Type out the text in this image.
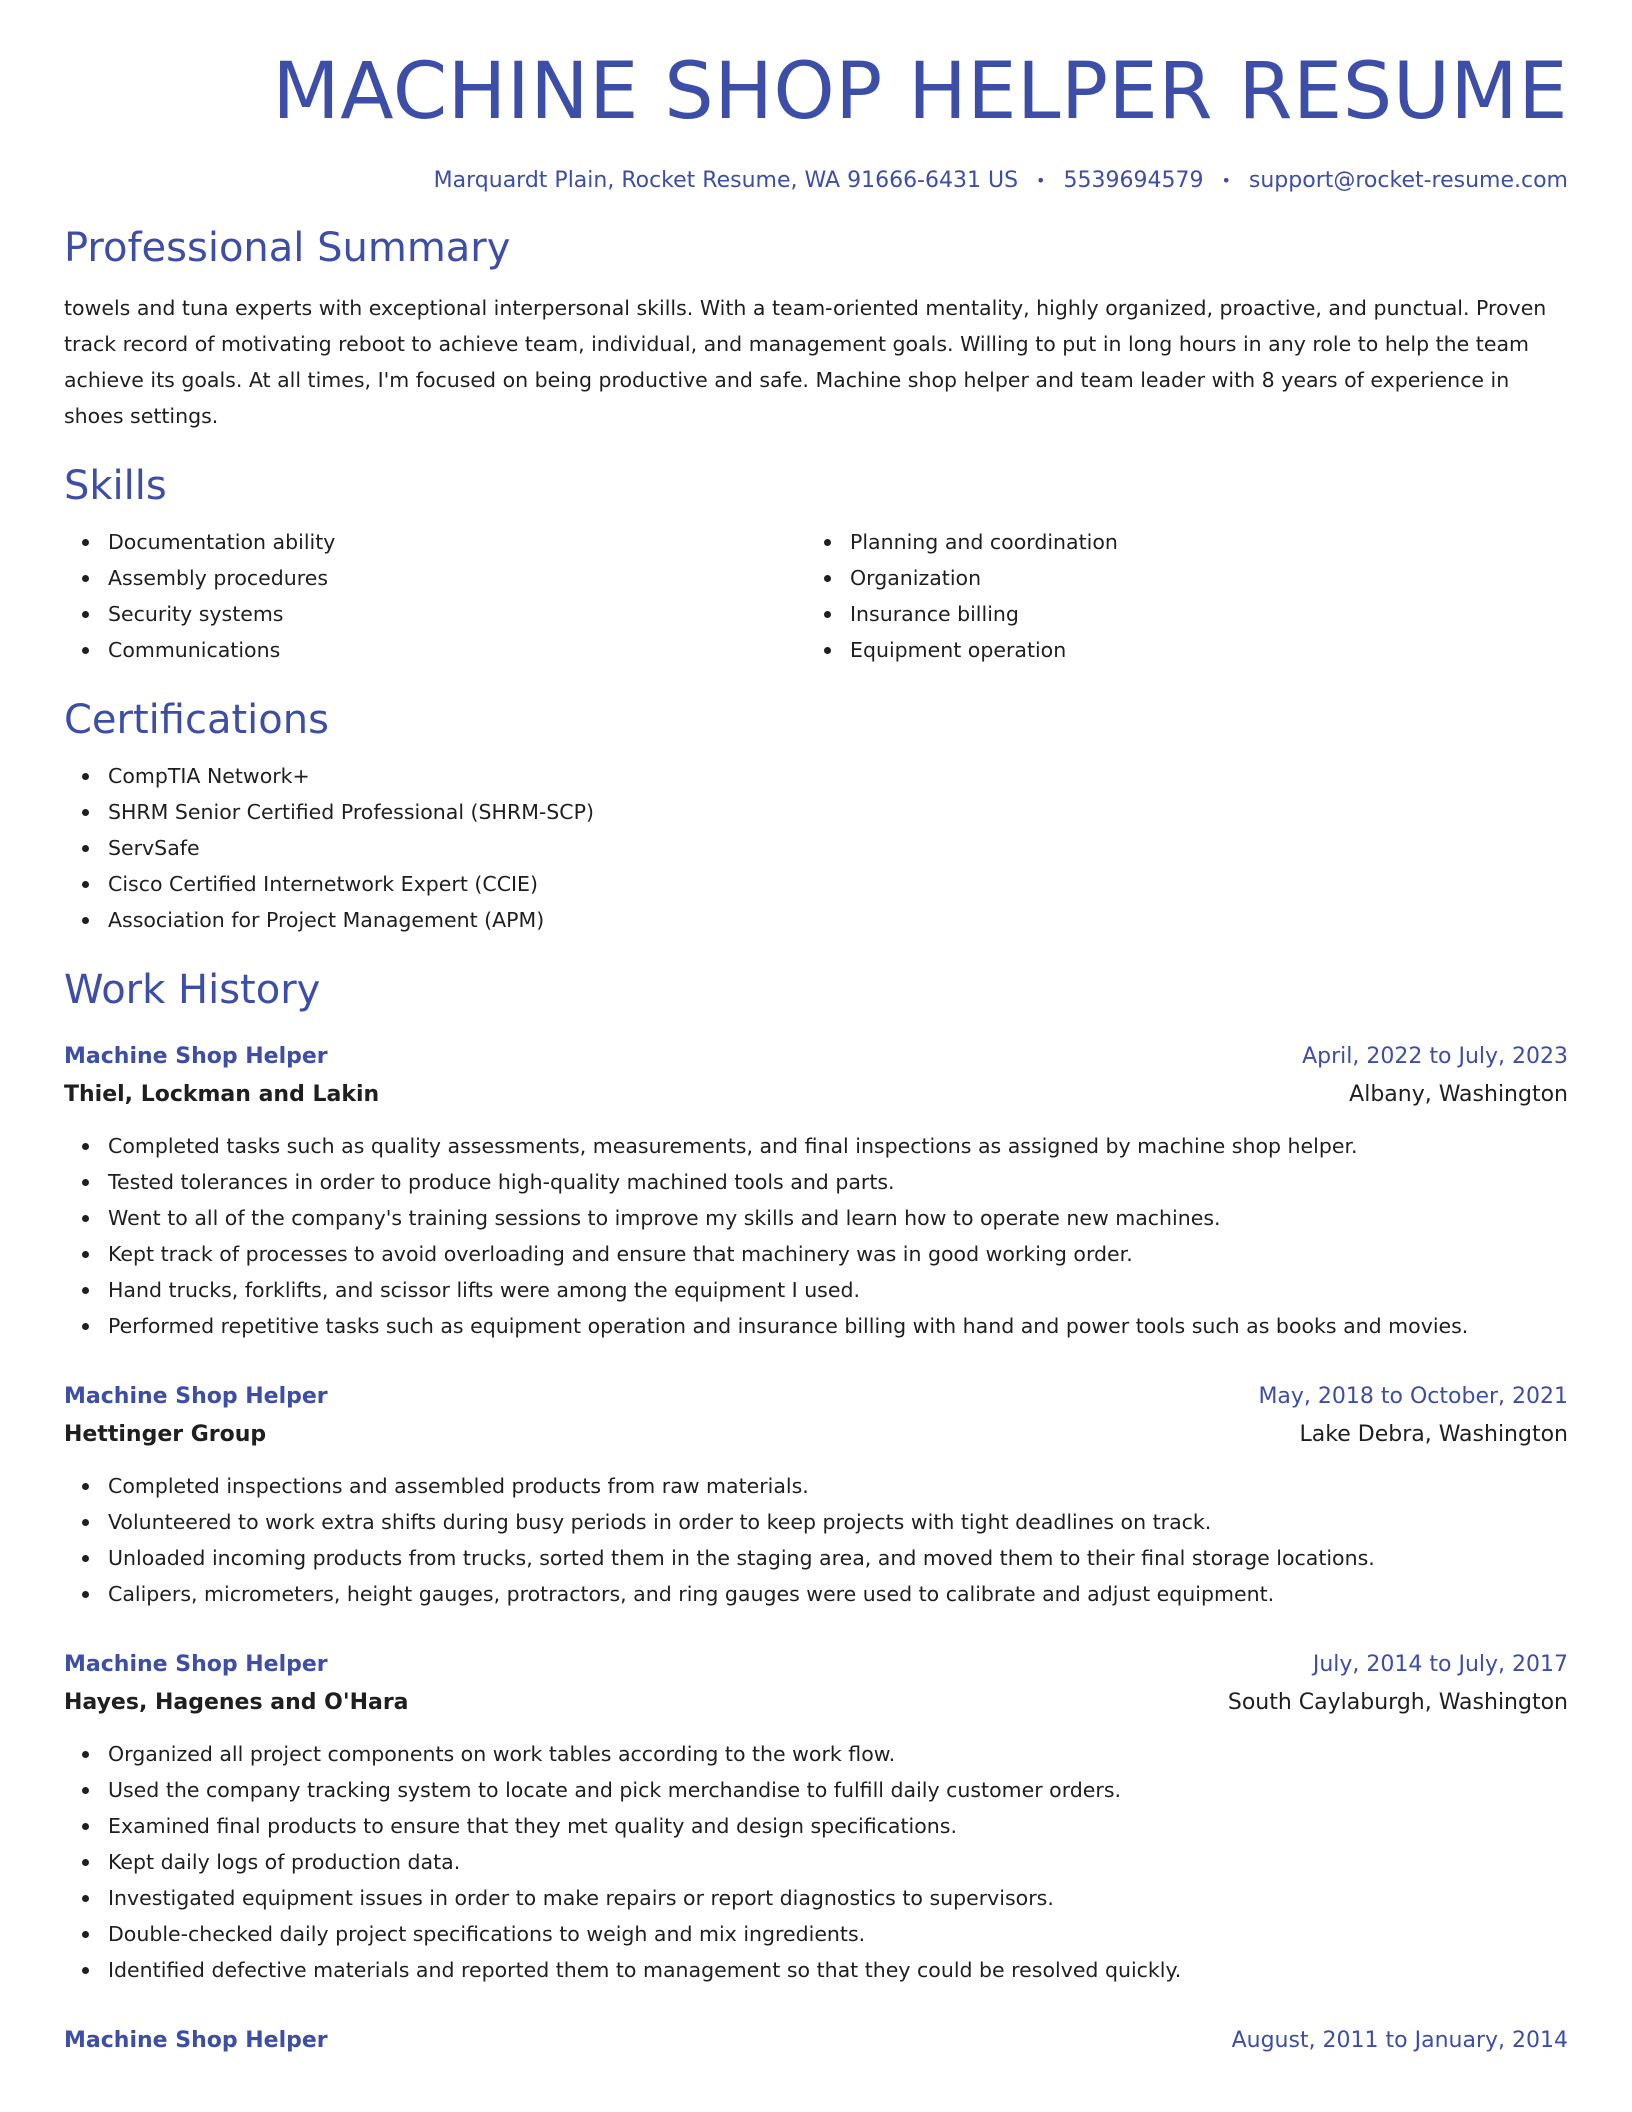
MACHINE SHOP HELPER RESUME
Marquardt Plain, Rocket Resume, WA 91666-6431 US • 5539694579 • support@rocket-resume.com
Professional Summary

towels and tuna experts with exceptional interpersonal skills. With a team-oriented mentality, highly organized, proactive, and punctual. Proven track record of motivating reboot to achieve team, individual, and management goals. Willing to put in long hours in any role to help the team achieve its goals. At all times, I'm focused on being productive and safe. Machine shop helper and team leader with 8 years of experience in shoes settings.

Skills
Documentation ability
Assembly procedures
Security systems
Communications
Planning and coordination
Organization
Insurance billing
Equipment operation
Certifications
CompTIA Network+
SHRM Senior Certified Professional (SHRM-SCP)
ServSafe
Cisco Certified Internetwork Expert (CCIE)
Association for Project Management (APM)
Work History
Machine Shop Helper	April, 2022 to July, 2023
Thiel, Lockman and Lakin	Albany, Washington
Completed tasks such as quality assessments, measurements, and final inspections as assigned by machine shop helper.
Tested tolerances in order to produce high-quality machined tools and parts.
Went to all of the company's training sessions to improve my skills and learn how to operate new machines.
Kept track of processes to avoid overloading and ensure that machinery was in good working order.
Hand trucks, forklifts, and scissor lifts were among the equipment I used.
Performed repetitive tasks such as equipment operation and insurance billing with hand and power tools such as books and movies.
Machine Shop Helper	May, 2018 to October, 2021
Hettinger Group	Lake Debra, Washington
Completed inspections and assembled products from raw materials.
Volunteered to work extra shifts during busy periods in order to keep projects with tight deadlines on track.
Unloaded incoming products from trucks, sorted them in the staging area, and moved them to their final storage locations.
Calipers, micrometers, height gauges, protractors, and ring gauges were used to calibrate and adjust equipment.
Machine Shop Helper	July, 2014 to July, 2017
Hayes, Hagenes and O'Hara	South Caylaburgh, Washington
Organized all project components on work tables according to the work flow.
Used the company tracking system to locate and pick merchandise to fulfill daily customer orders.
Examined final products to ensure that they met quality and design specifications.
Kept daily logs of production data.
Investigated equipment issues in order to make repairs or report diagnostics to supervisors.
Double-checked daily project specifications to weigh and mix ingredients.
Identified defective materials and reported them to management so that they could be resolved quickly.
Machine Shop Helper	August, 2011 to January, 2014
